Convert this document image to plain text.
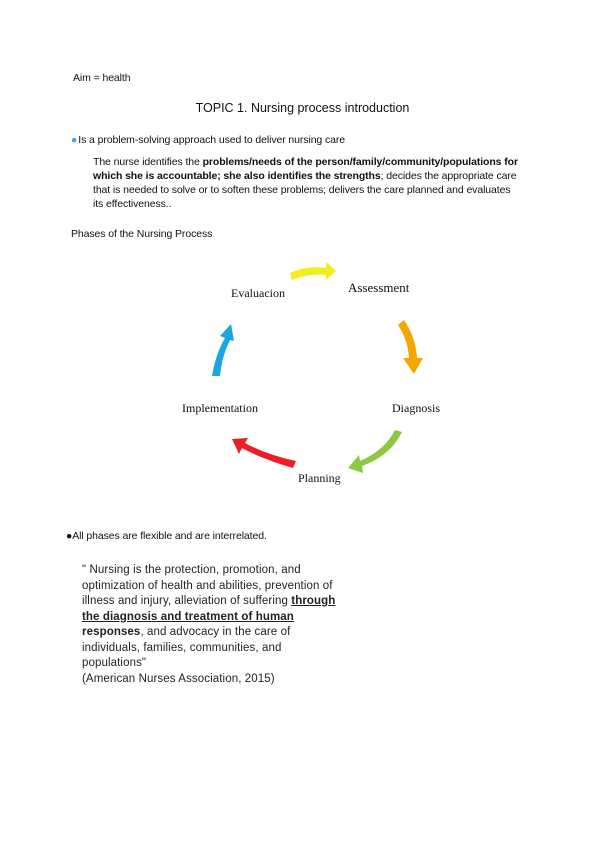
Aim = health
TOPIC 1. Nursing process introduction
●Is a problem-solving approach used to deliver nursing care
The nurse identifies the problems/needs of the person/family/community/populations for which she is accountable; she also identifies the strengths; decides the appropriate care that is needed to solve or to soften these problems; delivers the care planned and evaluates its effectiveness..
Phases of the Nursing Process
Assessment
Diagnosis
Planning
Implementation
Evaluacion
●All phases are flexible and are interrelated.
" Nursing is the protection, promotion, and optimization of health and abilities, prevention of illness and injury, alleviation of suffering through the diagnosis and treatment of human responses, and advocacy in the care of individuals, families, communities, and populations"
(American Nurses Association, 2015)
